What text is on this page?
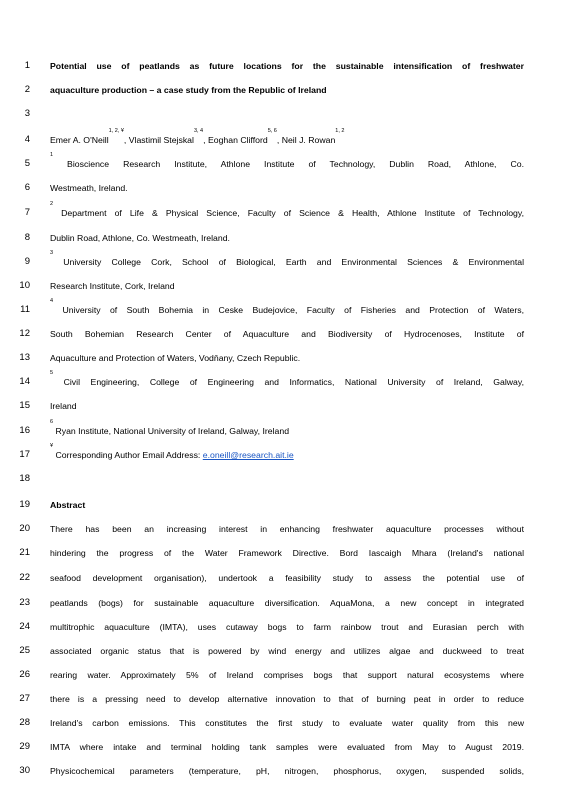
1 Potential use of peatlands as future locations for the sustainable intensification of freshwater
2 aquaculture production – a case study from the Republic of Ireland
3
4 Emer A. O'Neill$^{1, 2, ¥}$, Vlastimil Stejskal$^{3, 4}$, Eoghan Clifford$^{5, 6}$, Neil J. Rowan$^{1, 2}$
5
$^1$ Bioscience Research Institute, Athlone Institute of Technology, Dublin Road, Athlone, Co.
6 Westmeath, Ireland.
7
$^2$ Department of Life & Physical Science, Faculty of Science & Health, Athlone Institute of Technology,
8 Dublin Road, Athlone, Co. Westmeath, Ireland.
9
$^3$ University College Cork, School of Biological, Earth and Environmental Sciences & Environmental
10 Research Institute, Cork, Ireland
11
$^4$ University of South Bohemia in Ceske Budejovice, Faculty of Fisheries and Protection of Waters,
12 South Bohemian Research Center of Aquaculture and Biodiversity of Hydrocenoses, Institute of
13 Aquaculture and Protection of Waters, Vodňany, Czech Republic.
14
$^5$ Civil Engineering, College of Engineering and Informatics, National University of Ireland, Galway,
15 Ireland
16
$^6$ Ryan Institute, National University of Ireland, Galway, Ireland
17
¥ Corresponding Author Email Address: e.oneill@research.ait.ie
18
19 Abstract
20 There has been an increasing interest in enhancing freshwater aquaculture processes without
21 hindering the progress of the Water Framework Directive. Bord Iascaigh Mhara (Ireland's national
22 seafood development organisation), undertook a feasibility study to assess the potential use of
23 peatlands (bogs) for sustainable aquaculture diversification. AquaMona, a new concept in integrated
24 multitrophic aquaculture (IMTA), uses cutaway bogs to farm rainbow trout and Eurasian perch with
25 associated organic status that is powered by wind energy and utilizes algae and duckweed to treat
26 rearing water. Approximately 5% of Ireland comprises bogs that support natural ecosystems where
27 there is a pressing need to develop alternative innovation to that of burning peat in order to reduce
28 Ireland's carbon emissions. This constitutes the first study to evaluate water quality from this new
29 IMTA where intake and terminal holding tank samples were evaluated from May to August 2019.
30 Physicochemical parameters (temperature, pH, nitrogen, phosphorus, oxygen, suspended solids,
